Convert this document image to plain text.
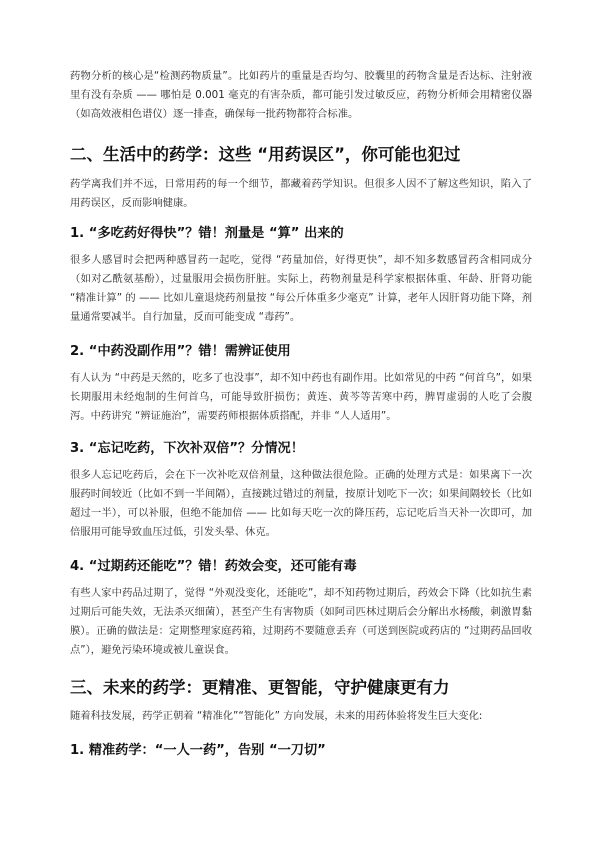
药物分析的核心是“检测药物质量”。比如药片的重量是否均匀、胶囊里的药物含量是否达标、注射液里有没有杂质 —— 哪怕是 0.001 毫克的有害杂质，都可能引发过敏反应，药物分析师会用精密仪器（如高效液相色谱仪）逐一排查，确保每一批药物都符合标准。

二、生活中的药学：这些 “用药误区”，你可能也犯过

药学离我们并不远，日常用药的每一个细节，都藏着药学知识。但很多人因不了解这些知识，陷入了用药误区，反而影响健康。

1. “多吃药好得快”？错！剂量是 “算” 出来的

很多人感冒时会把两种感冒药一起吃，觉得 “药量加倍，好得更快”，却不知多数感冒药含相同成分（如对乙酰氨基酚），过量服用会损伤肝脏。实际上，药物剂量是科学家根据体重、年龄、肝肾功能 “精准计算” 的 —— 比如儿童退烧药剂量按 “每公斤体重多少毫克” 计算，老年人因肝肾功能下降，剂量通常要减半。自行加量，反而可能变成 “毒药”。

2. “中药没副作用”？错！需辨证使用

有人认为 “中药是天然的，吃多了也没事”，却不知中药也有副作用。比如常见的中药 “何首乌”，如果长期服用未经炮制的生何首乌，可能导致肝损伤；黄连、黄芩等苦寒中药，脾胃虚弱的人吃了会腹泻。中药讲究 “辨证施治”，需要药师根据体质搭配，并非 “人人适用”。

3. “忘记吃药，下次补双倍”？分情况！

很多人忘记吃药后，会在下一次补吃双倍剂量，这种做法很危险。正确的处理方式是：如果离下一次服药时间较近（比如不到一半间隔），直接跳过错过的剂量，按原计划吃下一次；如果间隔较长（比如超过一半），可以补服，但绝不能加倍 —— 比如每天吃一次的降压药，忘记吃后当天补一次即可，加倍服用可能导致血压过低，引发头晕、休克。

4. “过期药还能吃”？错！药效会变，还可能有毒

有些人家中药品过期了，觉得 “外观没变化，还能吃”，却不知药物过期后，药效会下降（比如抗生素过期后可能失效，无法杀灭细菌），甚至产生有害物质（如阿司匹林过期后会分解出水杨酸，刺激胃黏膜）。正确的做法是：定期整理家庭药箱，过期药不要随意丢弃（可送到医院或药店的 “过期药品回收点”），避免污染环境或被儿童误食。

三、未来的药学：更精准、更智能，守护健康更有力

随着科技发展，药学正朝着 “精准化”“智能化” 方向发展，未来的用药体验将发生巨大变化:

1. 精准药学：“一人一药”，告别 “一刀切”
